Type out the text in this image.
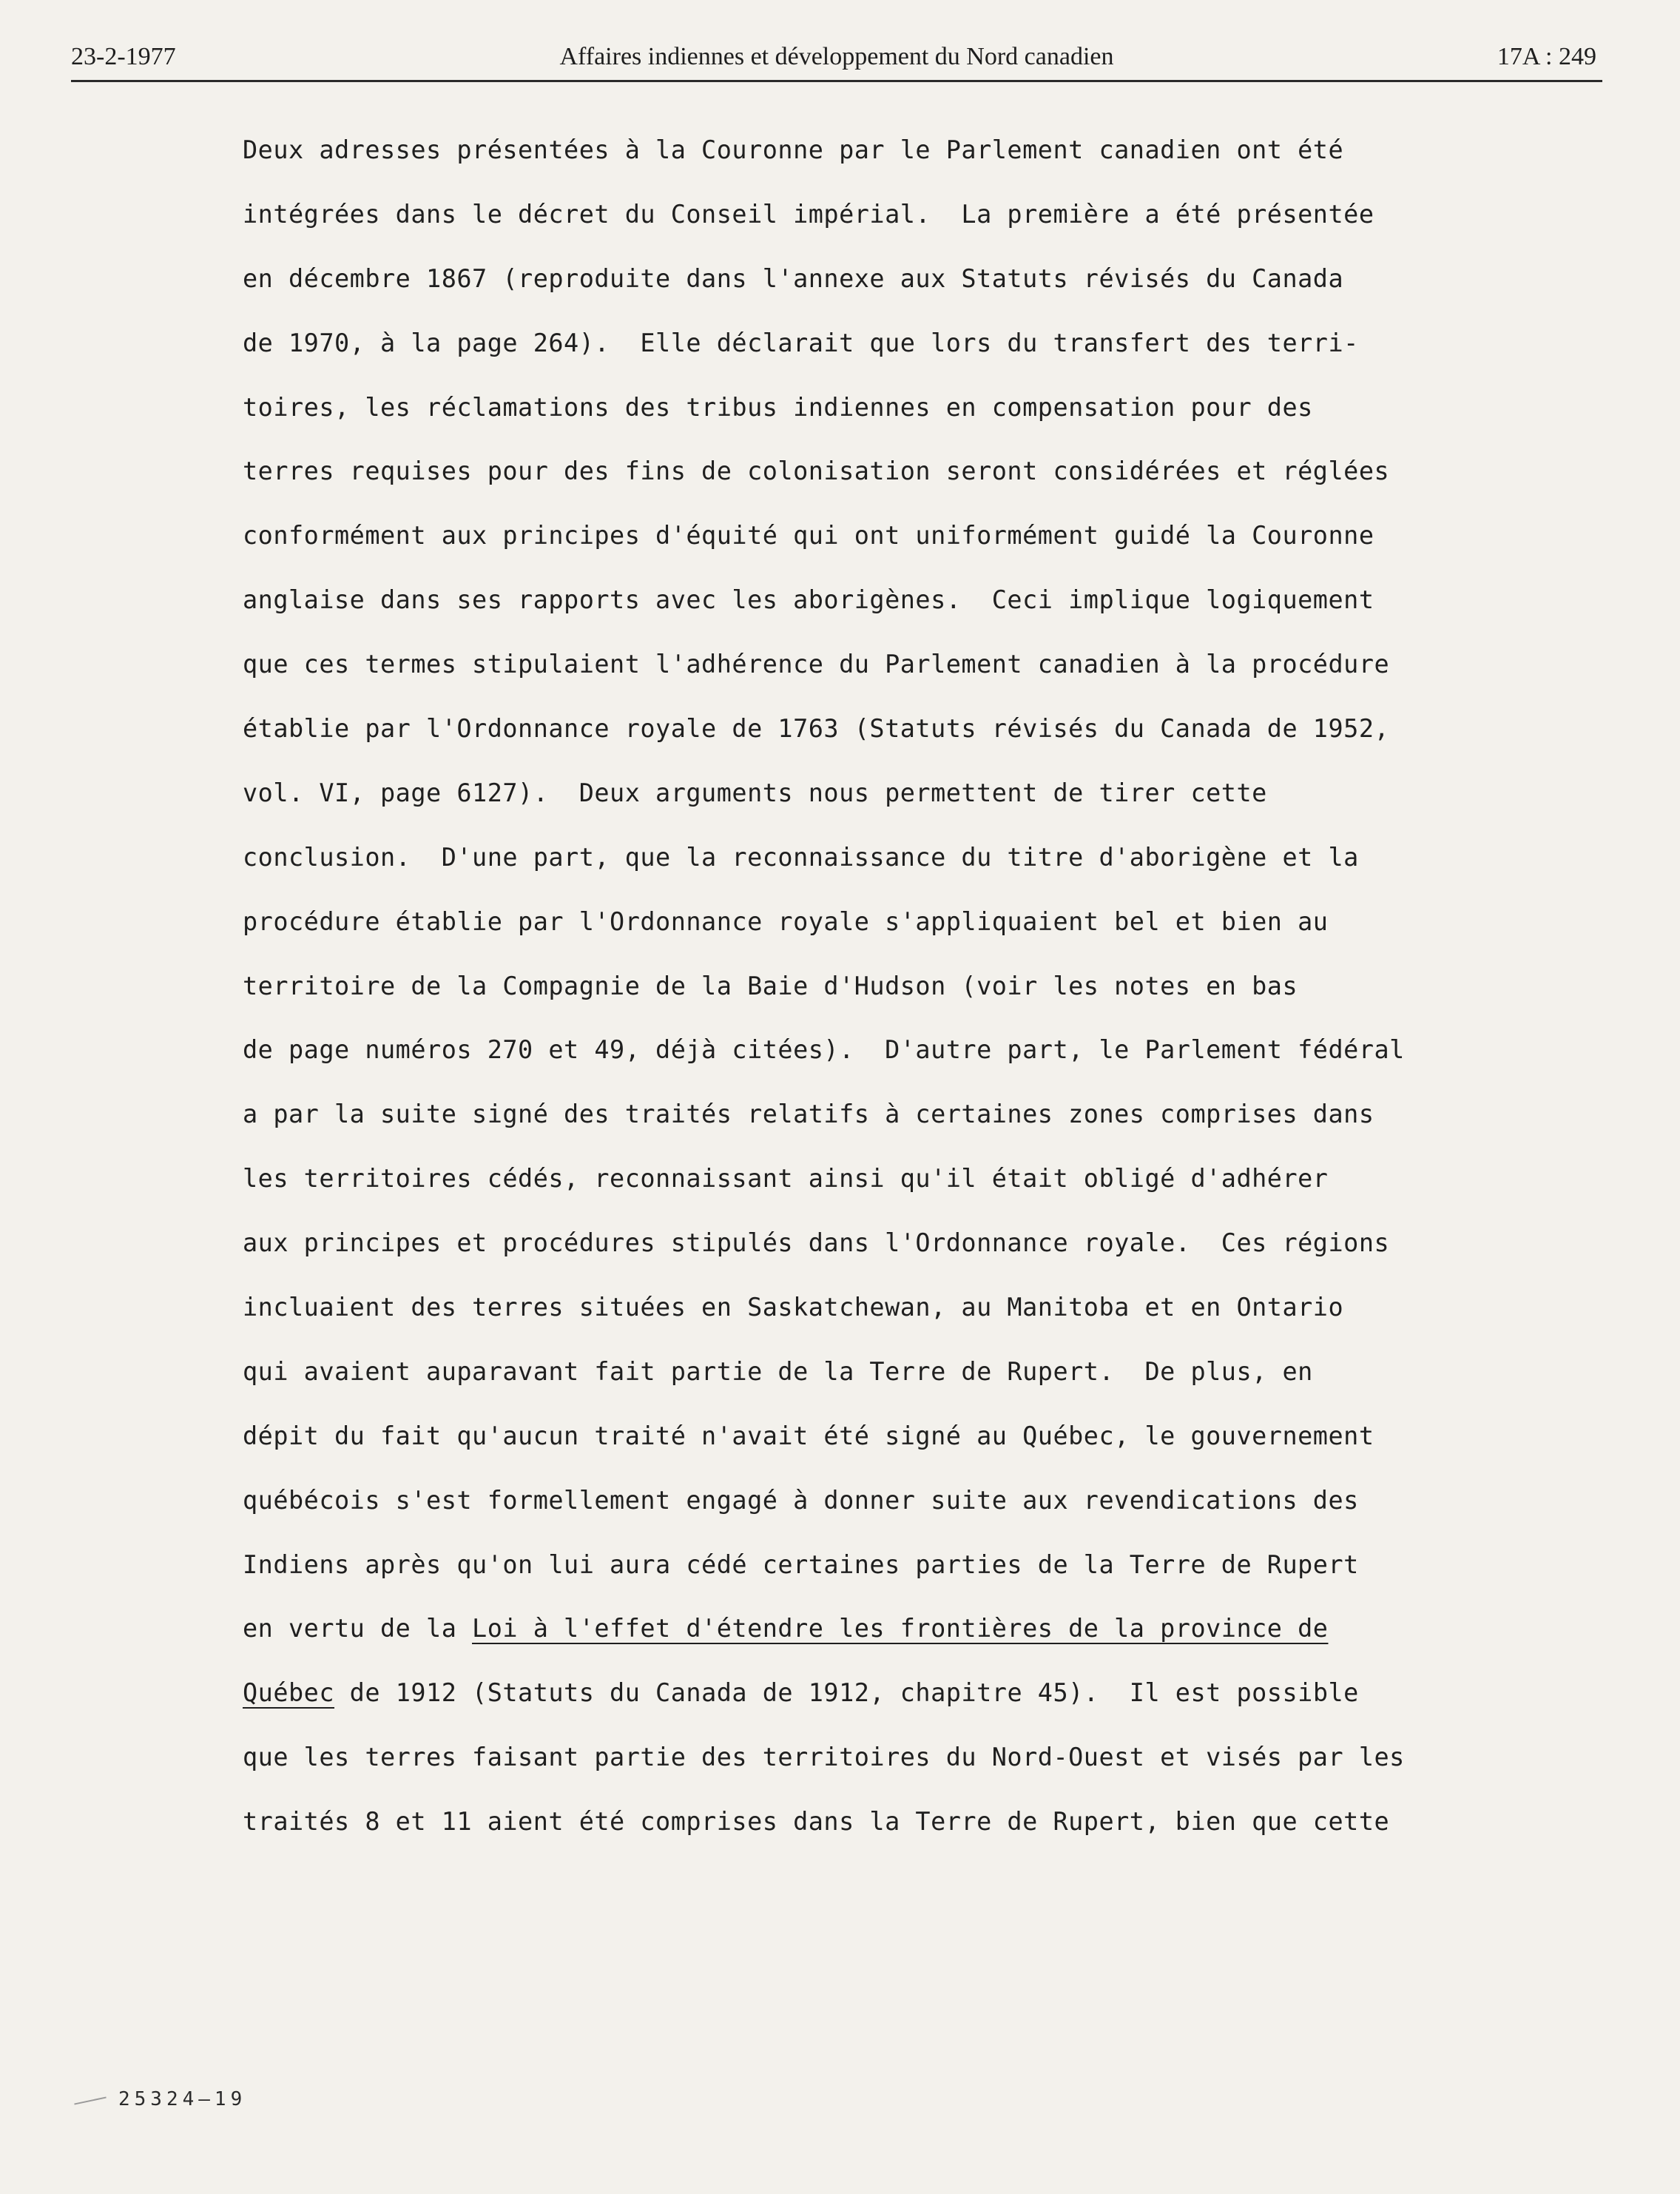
23-2-1977	Affaires indiennes et développement du Nord canadien	17A : 249
Deux adresses présentées à la Couronne par le Parlement canadien ont été
intégrées dans le décret du Conseil impérial.  La première a été présentée
en décembre 1867 (reproduite dans l'annexe aux Statuts révisés du Canada
de 1970, à la page 264).  Elle déclarait que lors du transfert des terri-
toires, les réclamations des tribus indiennes en compensation pour des
terres requises pour des fins de colonisation seront considérées et réglées
conformément aux principes d'équité qui ont uniformément guidé la Couronne
anglaise dans ses rapports avec les aborigènes.  Ceci implique logiquement
que ces termes stipulaient l'adhérence du Parlement canadien à la procédure
établie par l'Ordonnance royale de 1763 (Statuts révisés du Canada de 1952,
vol. VI, page 6127).  Deux arguments nous permettent de tirer cette
conclusion.  D'une part, que la reconnaissance du titre d'aborigène et la
procédure établie par l'Ordonnance royale s'appliquaient bel et bien au
territoire de la Compagnie de la Baie d'Hudson (voir les notes en bas
de page numéros 270 et 49, déjà citées).  D'autre part, le Parlement fédéral
a par la suite signé des traités relatifs à certaines zones comprises dans
les territoires cédés, reconnaissant ainsi qu'il était obligé d'adhérer
aux principes et procédures stipulés dans l'Ordonnance royale.  Ces régions
incluaient des terres situées en Saskatchewan, au Manitoba et en Ontario
qui avaient auparavant fait partie de la Terre de Rupert.  De plus, en
dépit du fait qu'aucun traité n'avait été signé au Québec, le gouvernement
québécois s'est formellement engagé à donner suite aux revendications des
Indiens après qu'on lui aura cédé certaines parties de la Terre de Rupert
en vertu de la Loi à l'effet d'étendre les frontières de la province de
Québec de 1912 (Statuts du Canada de 1912, chapitre 45).  Il est possible
que les terres faisant partie des territoires du Nord-Ouest et visés par les
traités 8 et 11 aient été comprises dans la Terre de Rupert, bien que cette
25324—19
